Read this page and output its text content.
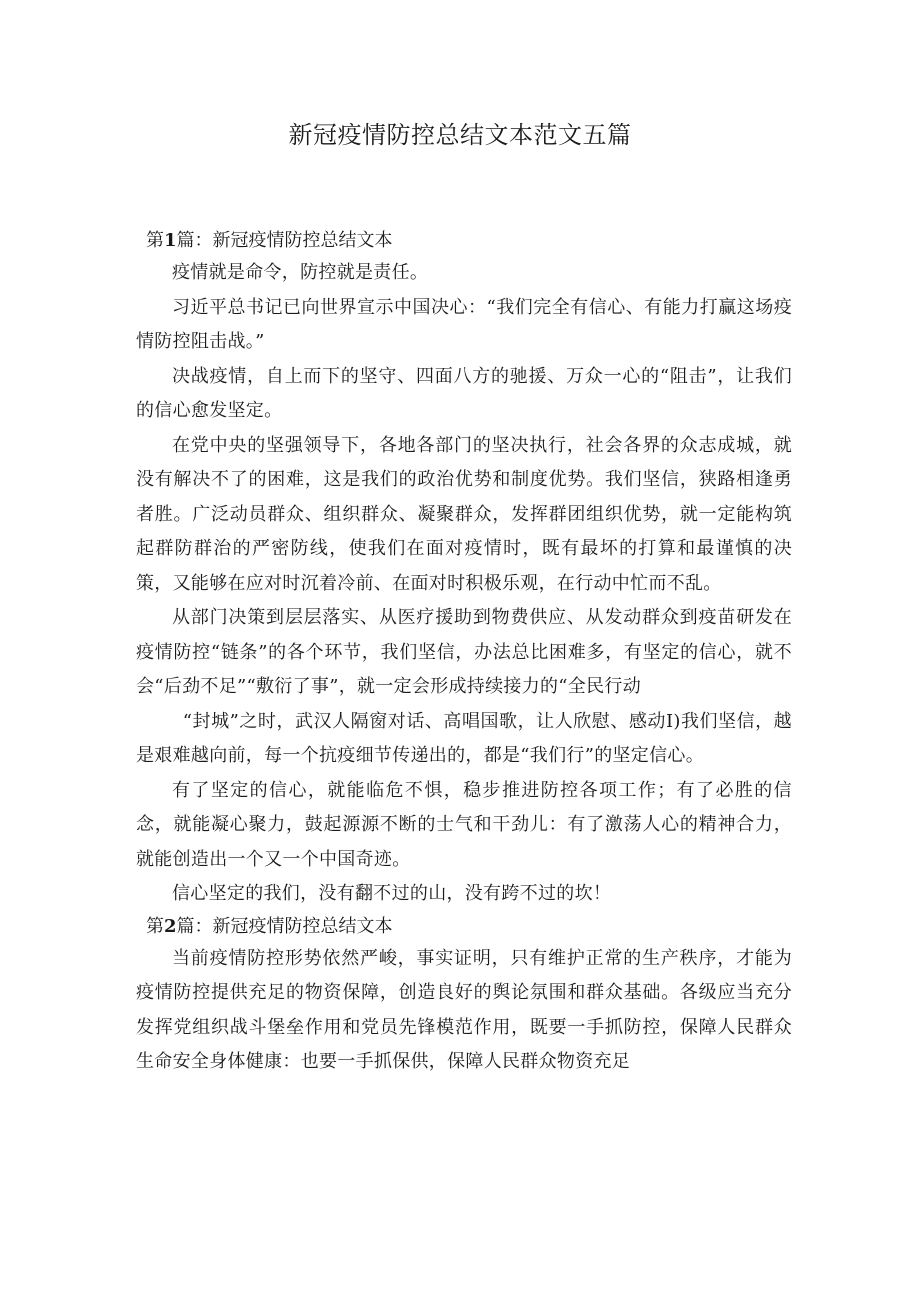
新冠疫情防控总结文本范文五篇
第1篇：新冠疫情防控总结文本

疫情就是命令，防控就是责任。

习近平总书记已向世界宣示中国决心：“我们完全有信心、有能力打赢这场疫情防控阻击战。”

决战疫情，自上而下的坚守、四面八方的驰援、万众一心的“阻击”，让我们的信心愈发坚定。

在党中央的坚强领导下，各地各部门的坚决执行，社会各界的众志成城，就没有解决不了的困难，这是我们的政治优势和制度优势。我们坚信，狭路相逢勇者胜。广泛动员群众、组织群众、凝聚群众，发挥群团组织优势，就一定能构筑起群防群治的严密防线，使我们在面对疫情时，既有最坏的打算和最谨慎的决策，又能够在应对时沉着冷前、在面对时积极乐观，在行动中忙而不乱。

从部门决策到层层落实、从医疗援助到物费供应、从发动群众到疫苗研发在疫情防控“链条”的各个环节，我们坚信，办法总比困难多，有坚定的信心，就不会“后劲不足”“敷衍了事”，就一定会形成持续接力的“全民行动

“封城”之时，武汉人隔窗对话、高唱国歌，让人欣慰、感动I)我们坚信，越是艰难越向前，每一个抗疫细节传递出的，都是“我们行”的坚定信心。

有了坚定的信心，就能临危不惧，稳步推进防控各项工作；有了必胜的信念，就能凝心聚力，鼓起源源不断的士气和干劲儿：有了激荡人心的精神合力，就能创造出一个又一个中国奇迹。

信心坚定的我们，没有翻不过的山，没有跨不过的坎！

第2篇：新冠疫情防控总结文本

当前疫情防控形势依然严峻，事实证明，只有维护正常的生产秩序，才能为疫情防控提供充足的物资保障，创造良好的舆论氛围和群众基础。各级应当充分发挥党组织战斗堡垒作用和党员先锋模范作用，既要一手抓防控，保障人民群众生命安全身体健康：也要一手抓保供，保障人民群众物资充足
